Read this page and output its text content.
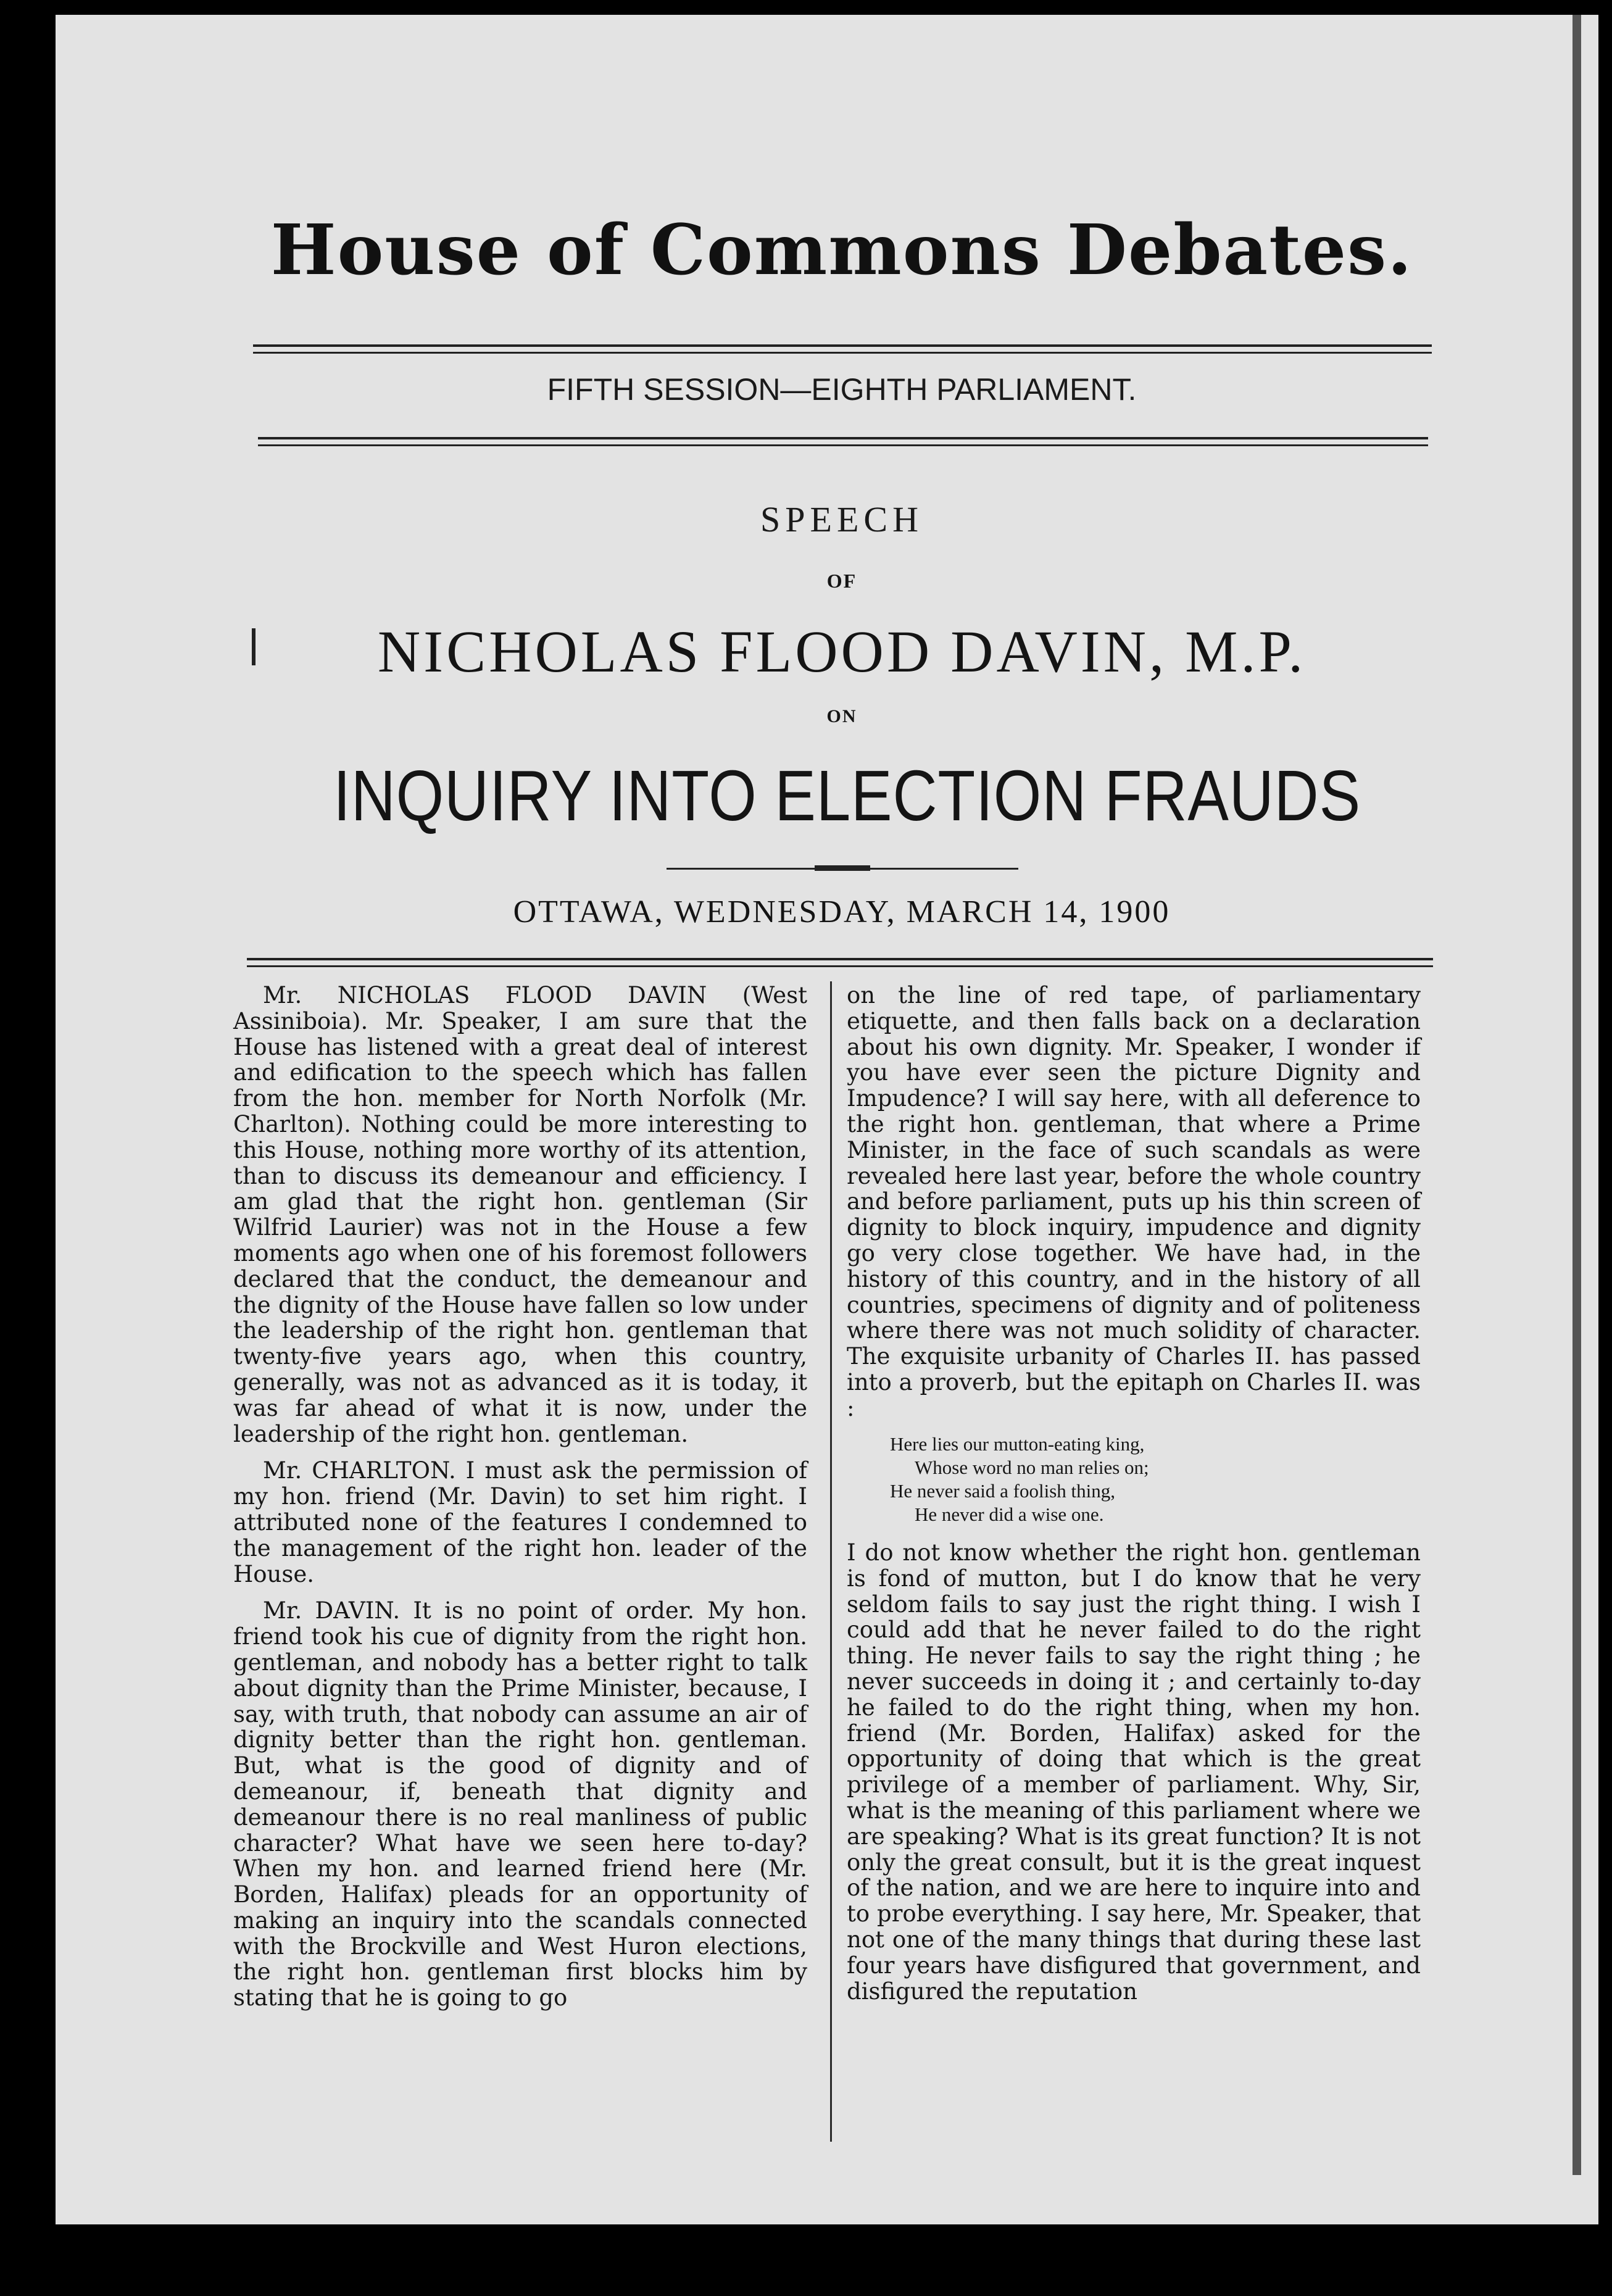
House of Commons Debates.
FIFTH SESSION—EIGHTH PARLIAMENT.
SPEECH
OF
NICHOLAS FLOOD DAVIN, M.P.
ON
INQUIRY INTO ELECTION FRAUDS
OTTAWA, WEDNESDAY, MARCH 14, 1900

Mr. NICHOLAS FLOOD DAVIN (West Assiniboia). Mr. Speaker, I am sure that the House has listened with a great deal of interest and edification to the speech which has fallen from the hon. member for North Norfolk (Mr. Charlton). Nothing could be more interesting to this House, nothing more worthy of its attention, than to discuss its demeanour and efficiency. I am glad that the right hon. gentleman (Sir Wilfrid Laurier) was not in the House a few moments ago when one of his foremost followers declared that the conduct, the demeanour and the dignity of the House have fallen so low under the leadership of the right hon. gentleman that twenty-five years ago, when this country, generally, was not as advanced as it is today, it was far ahead of what it is now, under the leadership of the right hon. gentleman.

Mr. CHARLTON. I must ask the permission of my hon. friend (Mr. Davin) to set him right. I attributed none of the features I condemned to the management of the right hon. leader of the House.

Mr. DAVIN. It is no point of order. My hon. friend took his cue of dignity from the right hon. gentleman, and nobody has a better right to talk about dignity than the Prime Minister, because, I say, with truth, that nobody can assume an air of dignity better than the right hon. gentleman. But, what is the good of dignity and of demeanour, if, beneath that dignity and demeanour there is no real manliness of public character? What have we seen here to-day? When my hon. and learned friend here (Mr. Borden, Halifax) pleads for an opportunity of making an inquiry into the scandals connected with the Brockville and West Huron elections, the right hon. gentleman first blocks him by stating that he is going to go

on the line of red tape, of parliamentary etiquette, and then falls back on a declaration about his own dignity. Mr. Speaker, I wonder if you have ever seen the picture Dignity and Impudence? I will say here, with all deference to the right hon. gentleman, that where a Prime Minister, in the face of such scandals as were revealed here last year, before the whole country and before parliament, puts up his thin screen of dignity to block inquiry, impudence and dignity go very close together. We have had, in the history of this country, and in the history of all countries, specimens of dignity and of politeness where there was not much solidity of character. The exquisite urbanity of Charles II. has passed into a proverb, but the epitaph on Charles II. was :

Here lies our mutton-eating king,
Whose word no man relies on;
He never said a foolish thing,
He never did a wise one.

I do not know whether the right hon. gentleman is fond of mutton, but I do know that he very seldom fails to say just the right thing. I wish I could add that he never failed to do the right thing. He never fails to say the right thing ; he never succeeds in doing it ; and certainly to-day he failed to do the right thing, when my hon. friend (Mr. Borden, Halifax) asked for the opportunity of doing that which is the great privilege of a member of parliament. Why, Sir, what is the meaning of this parliament where we are speaking? What is its great function? It is not only the great consult, but it is the great inquest of the nation, and we are here to inquire into and to probe everything. I say here, Mr. Speaker, that not one of the many things that during these last four years have disfigured that government, and disfigured the reputation
